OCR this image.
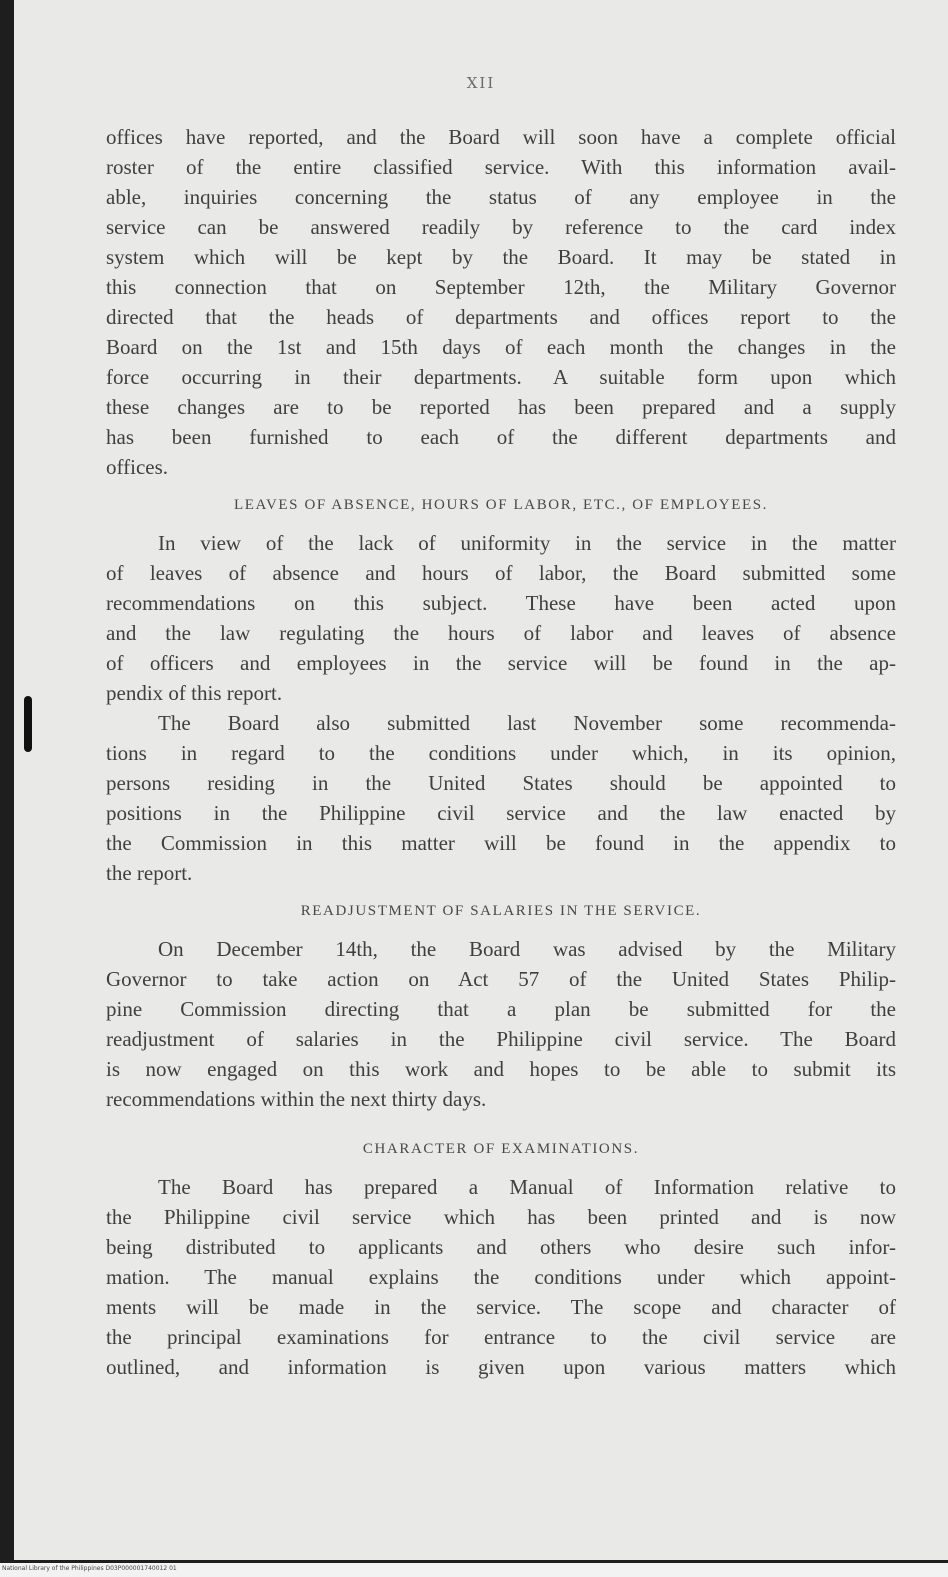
XII
offices have reported, and the Board will soon have a complete official
roster of the entire classified service. With this information avail-
able, inquiries concerning the status of any employee in the
service can be answered readily by reference to the card index
system which will be kept by the Board. It may be stated in
this connection that on September 12th, the Military Governor
directed that the heads of departments and offices report to the
Board on the 1st and 15th days of each month the changes in the
force occurring in their departments. A suitable form upon which
these changes are to be reported has been prepared and a supply
has been furnished to each of the different departments and
offices.
LEAVES OF ABSENCE, HOURS OF LABOR, ETC., OF EMPLOYEES.
In view of the lack of uniformity in the service in the matter
of leaves of absence and hours of labor, the Board submitted some
recommendations on this subject. These have been acted upon
and the law regulating the hours of labor and leaves of absence
of officers and employees in the service will be found in the ap-
pendix of this report.
The Board also submitted last November some recommenda-
tions in regard to the conditions under which, in its opinion,
persons residing in the United States should be appointed to
positions in the Philippine civil service and the law enacted by
the Commission in this matter will be found in the appendix to
the report.
READJUSTMENT OF SALARIES IN THE SERVICE.
On December 14th, the Board was advised by the Military
Governor to take action on Act 57 of the United States Philip-
pine Commission directing that a plan be submitted for the
readjustment of salaries in the Philippine civil service. The Board
is now engaged on this work and hopes to be able to submit its
recommendations within the next thirty days.
CHARACTER OF EXAMINATIONS.
The Board has prepared a Manual of Information relative to
the Philippine civil service which has been printed and is now
being distributed to applicants and others who desire such infor-
mation. The manual explains the conditions under which appoint-
ments will be made in the service. The scope and character of
the principal examinations for entrance to the civil service are
outlined, and information is given upon various matters which
National Library of the Philippines D03P000001740012 01
